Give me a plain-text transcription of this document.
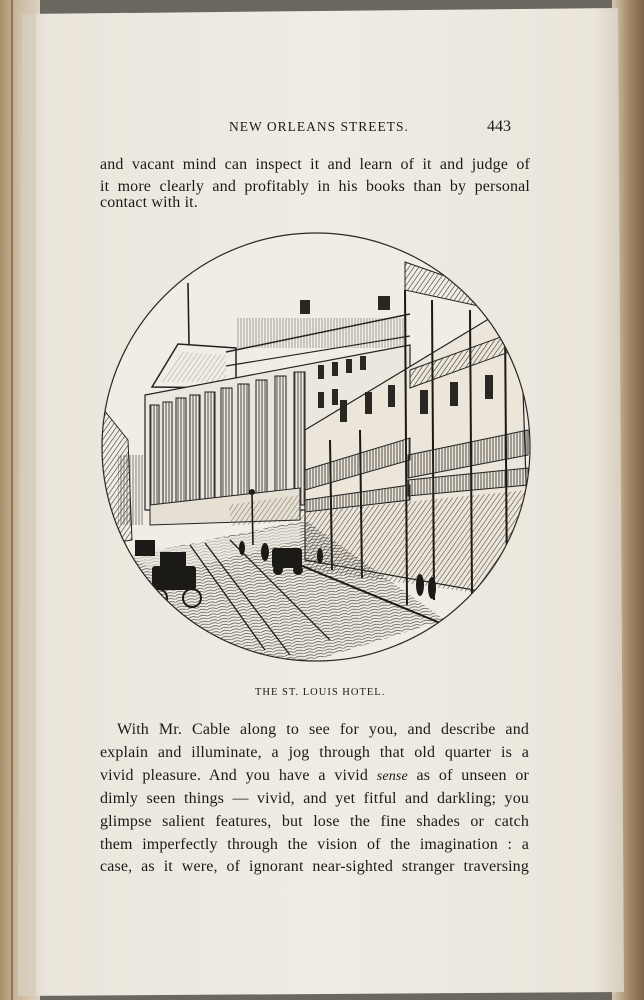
NEW ORLEANS STREETS.	443
and vacant mind can inspect it and learn of it and judge of
it more clearly and profitably in his books than by personal
contact with it.
THE ST. LOUIS HOTEL.
With Mr. Cable along to see for you, and describe and
explain and illuminate, a jog through that old quarter is a
vivid pleasure. And you have a vivid sense as of unseen or
dimly seen things — vivid, and yet fitful and darkling; you
glimpse salient features, but lose the fine shades or catch
them imperfectly through the vision of the imagination : a
case, as it were, of ignorant near-sighted stranger traversing
